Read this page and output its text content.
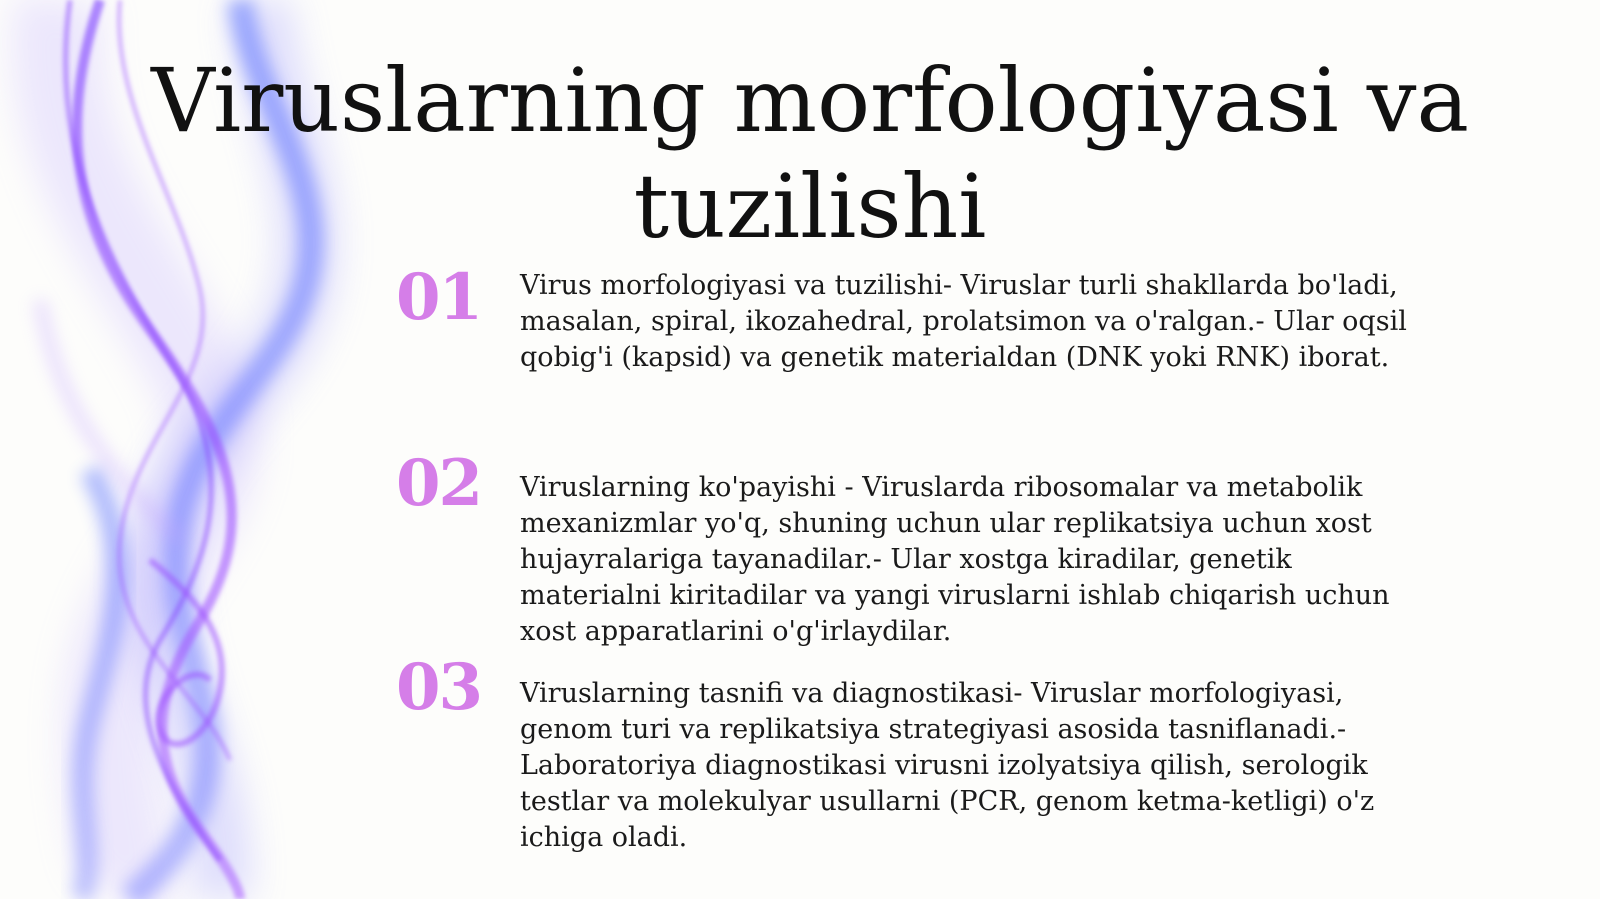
Viruslarning morfologiyasi va tuzilishi
01 Virus morfologiyasi va tuzilishi- Viruslar turli shakllarda bo'ladi, masalan, spiral, ikozahedral, prolatsimon va o'ralgan.- Ular oqsil qobig'i (kapsid) va genetik materialdan (DNK yoki RNK) iborat.

02 Viruslarning ko'payishi - Viruslarda ribosomalar va metabolik mexanizmlar yo'q, shuning uchun ular replikatsiya uchun xost hujayralariga tayanadilar.- Ular xostga kiradilar, genetik materialni kiritadilar va yangi viruslarni ishlab chiqarish uchun xost apparatlarini o'g'irlaydilar.

03 Viruslarning tasnifi va diagnostikasi- Viruslar morfologiyasi, genom turi va replikatsiya strategiyasi asosida tasniflanadi.- Laboratoriya diagnostikasi virusni izolyatsiya qilish, serologik testlar va molekulyar usullarni (PCR, genom ketma-ketligi) o'z ichiga oladi.
